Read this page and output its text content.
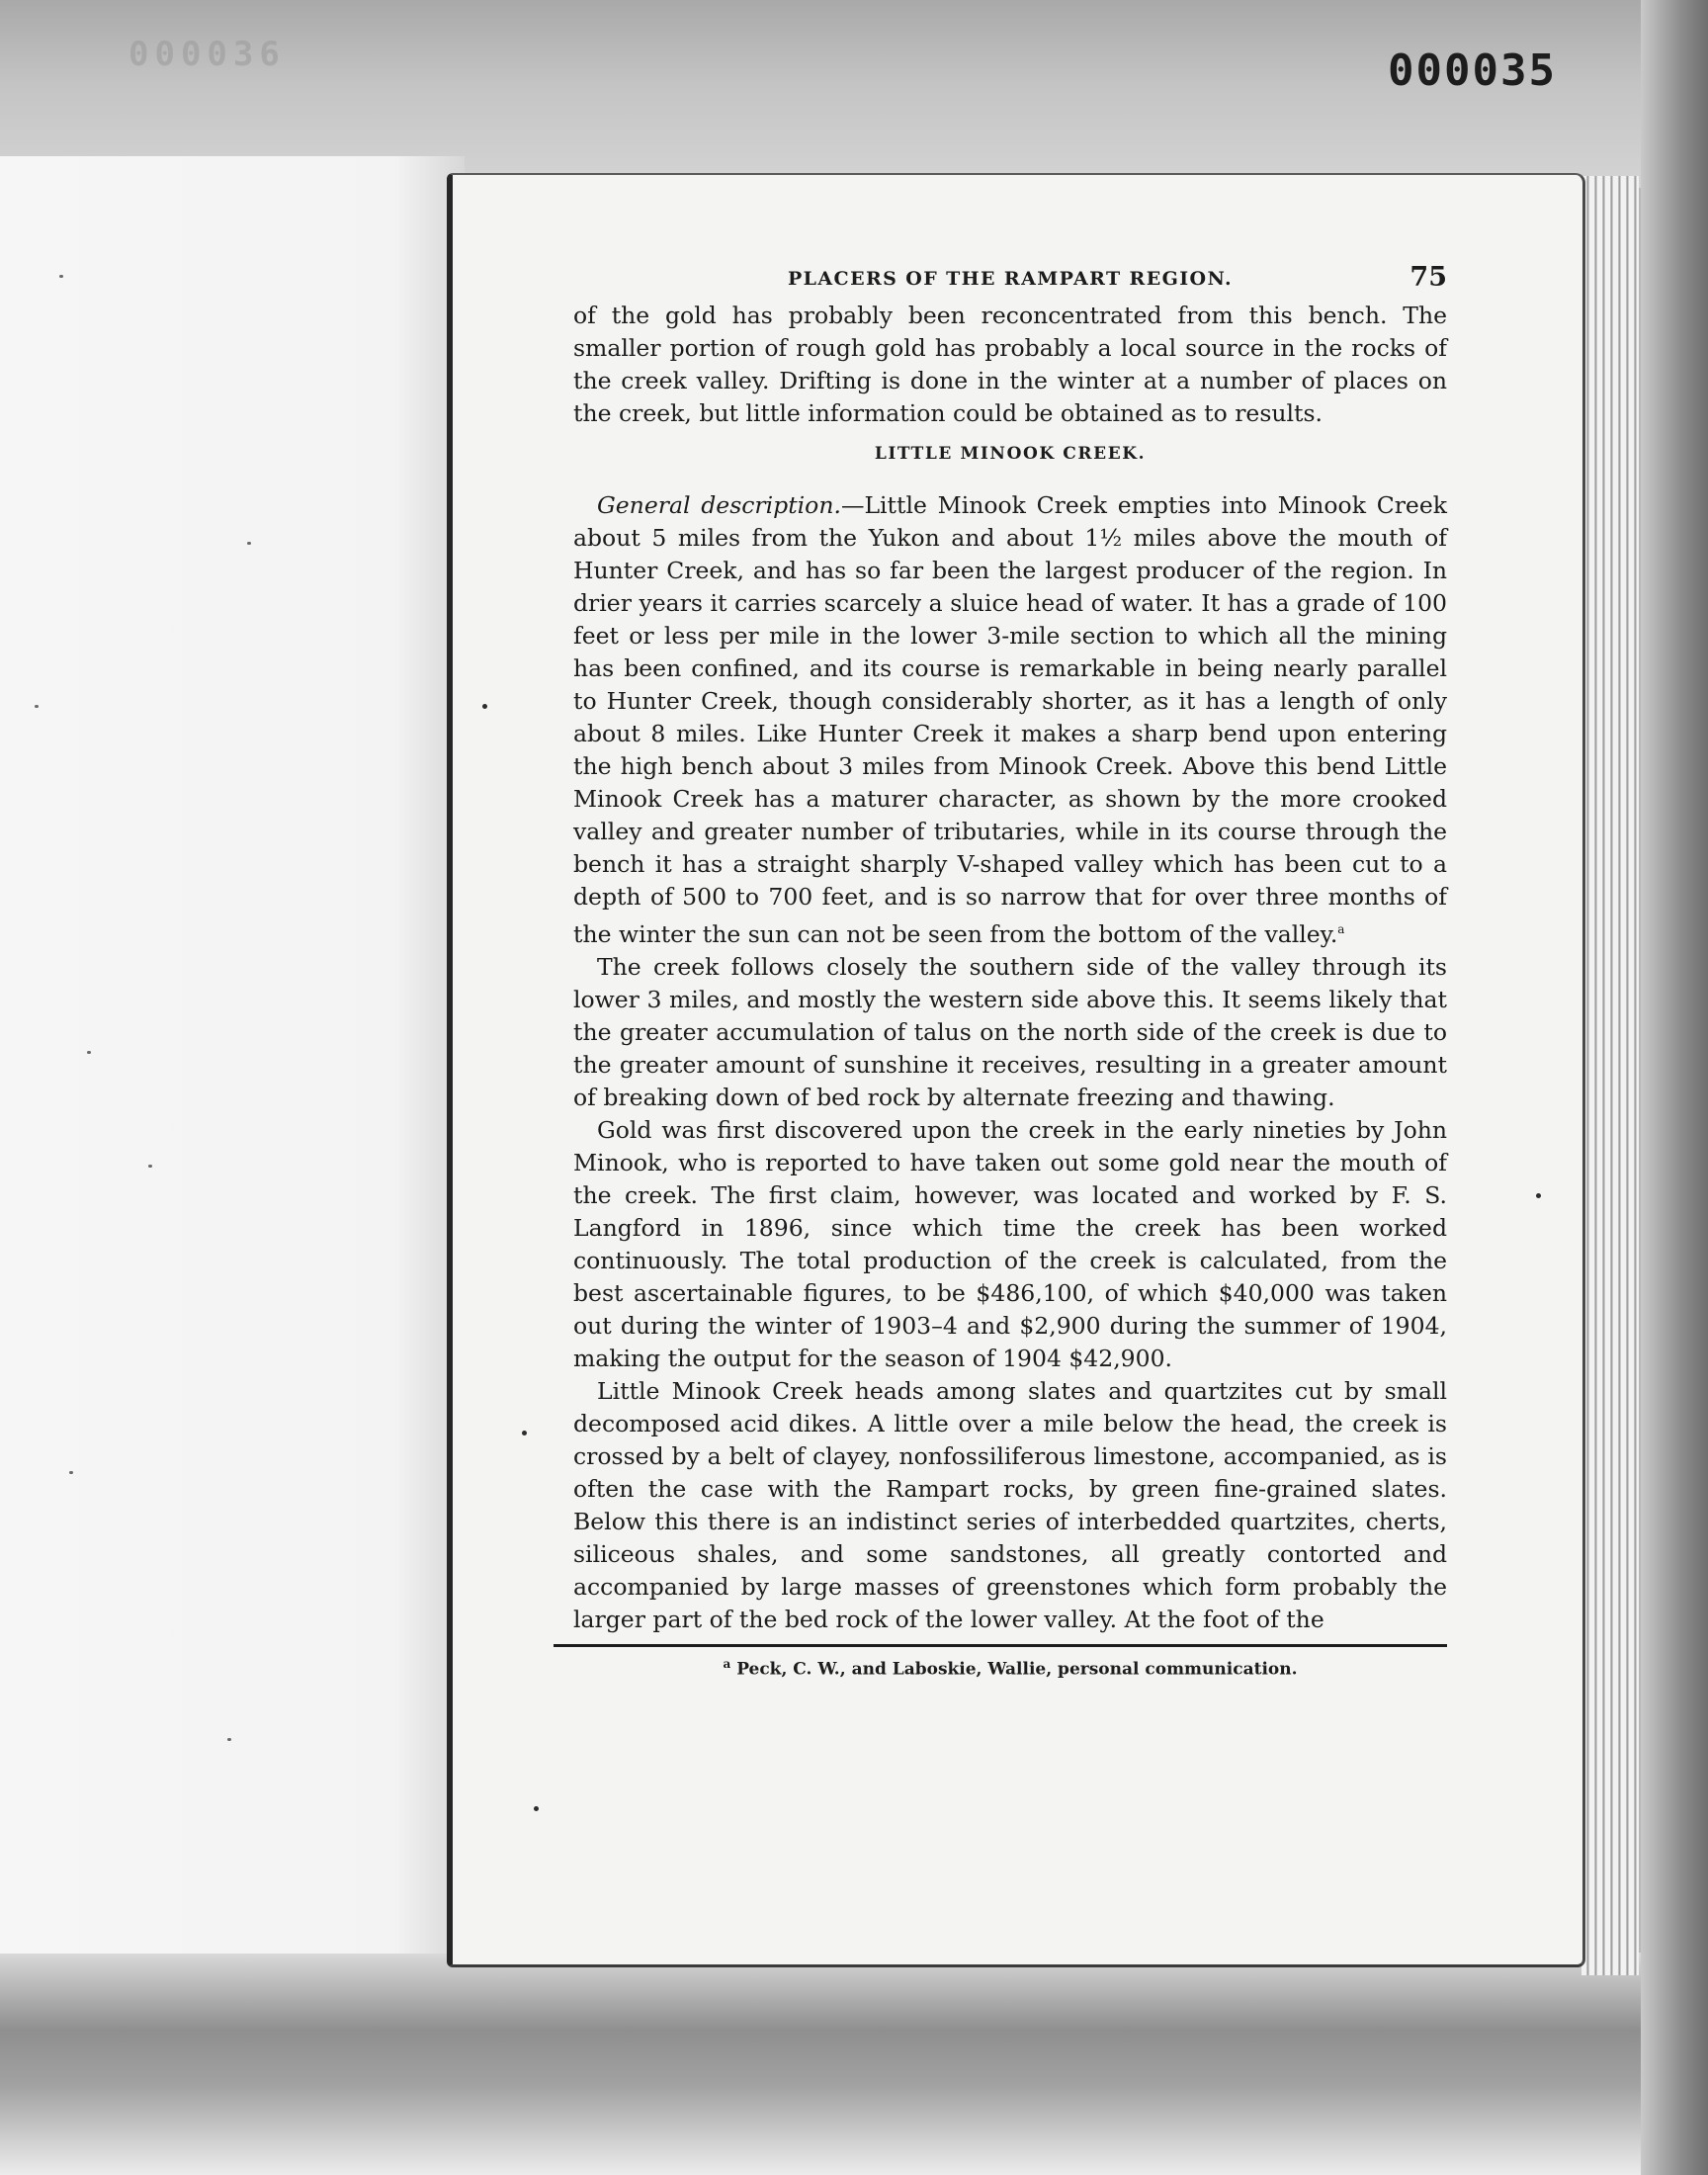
000036	000035
PLACERS OF THE RAMPART REGION.	75

of the gold has probably been reconcentrated from this bench. The smaller portion of rough gold has probably a local source in the rocks of the creek valley. Drifting is done in the winter at a number of places on the creek, but little information could be obtained as to results.

LITTLE MINOOK CREEK.

General description.—Little Minook Creek empties into Minook Creek about 5 miles from the Yukon and about 1½ miles above the mouth of Hunter Creek, and has so far been the largest producer of the region. In drier years it carries scarcely a sluice head of water. It has a grade of 100 feet or less per mile in the lower 3-mile section to which all the mining has been confined, and its course is remarkable in being nearly parallel to Hunter Creek, though considerably shorter, as it has a length of only about 8 miles. Like Hunter Creek it makes a sharp bend upon entering the high bench about 3 miles from Minook Creek. Above this bend Little Minook Creek has a maturer character, as shown by the more crooked valley and greater number of tributaries, while in its course through the bench it has a straight sharply V-shaped valley which has been cut to a depth of 500 to 700 feet, and is so narrow that for over three months of the winter the sun can not be seen from the bottom of the valley.$^a$

The creek follows closely the southern side of the valley through its lower 3 miles, and mostly the western side above this. It seems likely that the greater accumulation of talus on the north side of the creek is due to the greater amount of sunshine it receives, resulting in a greater amount of breaking down of bed rock by alternate freezing and thawing.

Gold was first discovered upon the creek in the early nineties by John Minook, who is reported to have taken out some gold near the mouth of the creek. The first claim, however, was located and worked by F. S. Langford in 1896, since which time the creek has been worked continuously. The total production of the creek is calculated, from the best ascertainable figures, to be $486,100, of which $40,000 was taken out during the winter of 1903–4 and $2,900 during the summer of 1904, making the output for the season of 1904 $42,900.

Little Minook Creek heads among slates and quartzites cut by small decomposed acid dikes. A little over a mile below the head, the creek is crossed by a belt of clayey, nonfossiliferous limestone, accompanied, as is often the case with the Rampart rocks, by green fine-grained slates. Below this there is an indistinct series of interbedded quartzites, cherts, siliceous shales, and some sandstones, all greatly contorted and accompanied by large masses of greenstones which form probably the larger part of the bed rock of the lower valley. At the foot of the

$^a$ Peck, C. W., and Laboskie, Wallie, personal communication.
